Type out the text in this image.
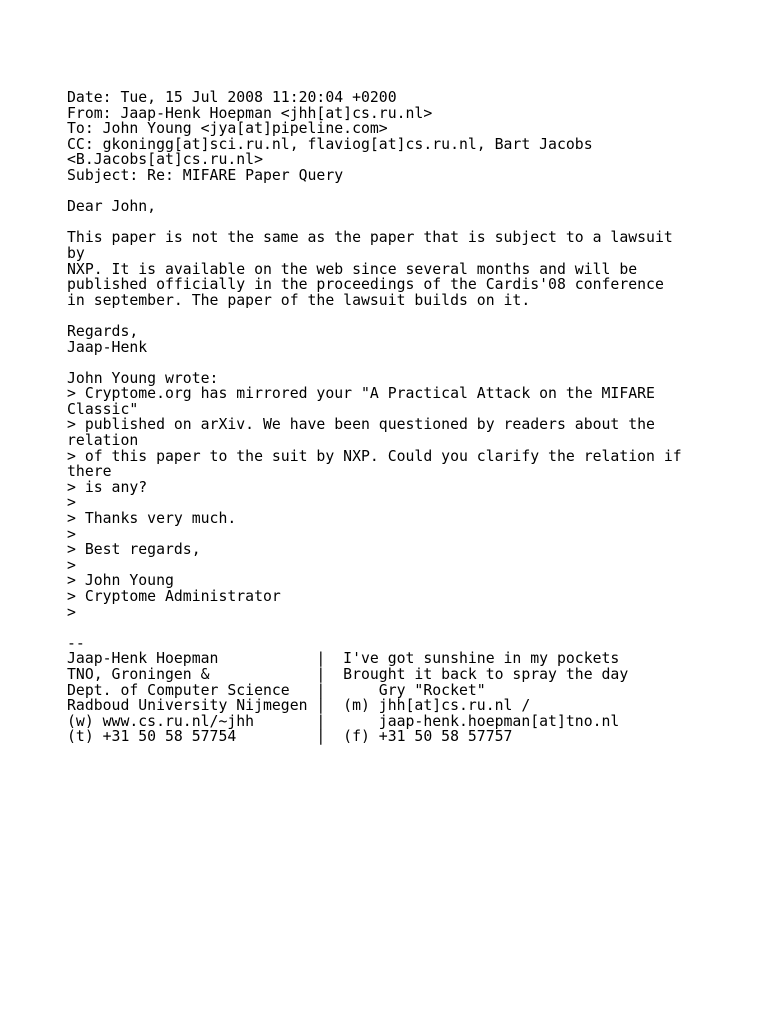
Date: Tue, 15 Jul 2008 11:20:04 +0200
From: Jaap-Henk Hoepman <jhh[at]cs.ru.nl>
To: John Young <jya[at]pipeline.com>
CC: gkoningg[at]sci.ru.nl, flaviog[at]cs.ru.nl, Bart Jacobs
<B.Jacobs[at]cs.ru.nl>
Subject: Re: MIFARE Paper Query
Dear John,
This paper is not the same as the paper that is subject to a lawsuit
by
NXP. It is available on the web since several months and will be
published officially in the proceedings of the Cardis'08 conference
in september. The paper of the lawsuit builds on it.
Regards,
Jaap-Henk
John Young wrote:
> Cryptome.org has mirrored your "A Practical Attack on the MIFARE
Classic"
> published on arXiv. We have been questioned by readers about the
relation
> of this paper to the suit by NXP. Could you clarify the relation if
there
> is any?
>
> Thanks very much.
>
> Best regards,
>
> John Young
> Cryptome Administrator
>
--
Jaap-Henk Hoepman           |  I've got sunshine in my pockets
TNO, Groningen &            |  Brought it back to spray the day
Dept. of Computer Science   |      Gry "Rocket"
Radboud University Nijmegen |  (m) jhh[at]cs.ru.nl /
(w) www.cs.ru.nl/~jhh       |      jaap-henk.hoepman[at]tno.nl
(t) +31 50 58 57754         |  (f) +31 50 58 57757
